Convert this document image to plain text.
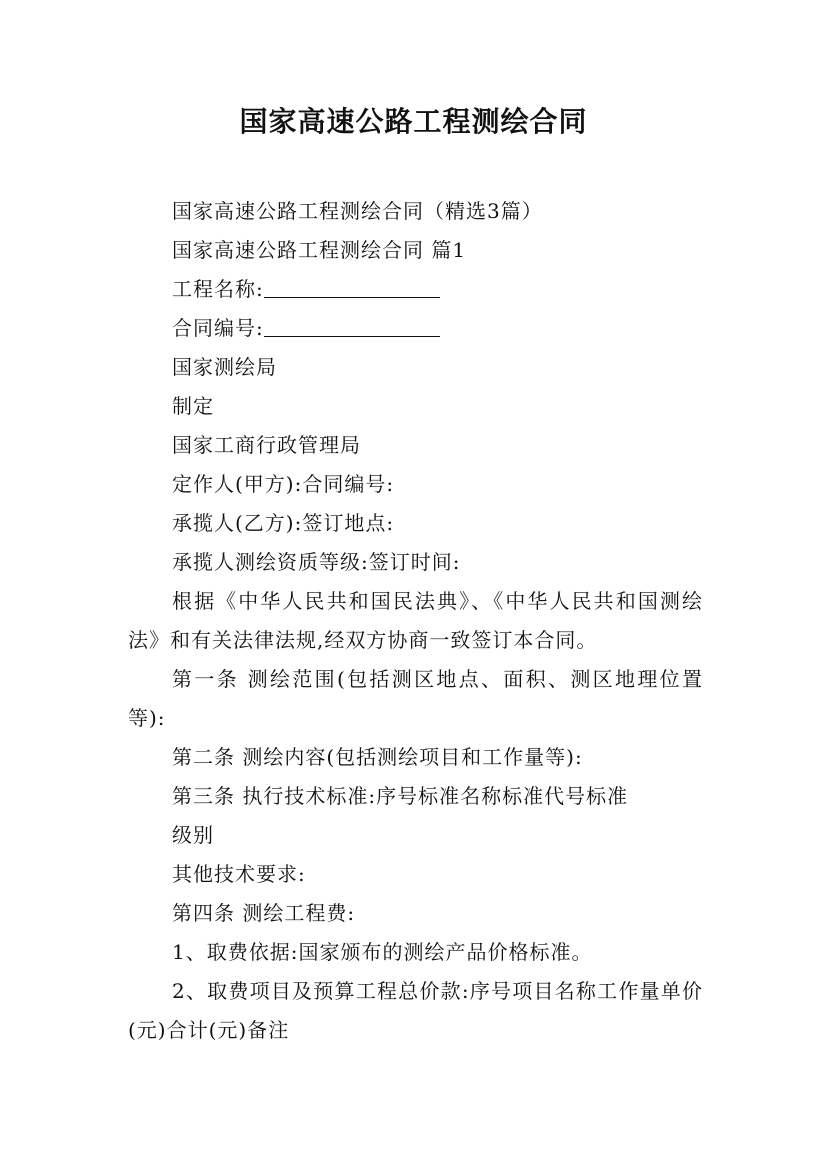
国家高速公路工程测绘合同
国家高速公路工程测绘合同（精选3篇）
国家高速公路工程测绘合同 篇1
工程名称:
合同编号:
国家测绘局
制定
国家工商行政管理局
定作人(甲方):合同编号:
承揽人(乙方):签订地点:
承揽人测绘资质等级:签订时间:
根据《中华人民共和国民法典》、《中华人民共和国测绘法》和有关法律法规,经双方协商一致签订本合同。
第一条 测绘范围(包括测区地点、面积、测区地理位置等):
第二条 测绘内容(包括测绘项目和工作量等):
第三条 执行技术标准:序号标准名称标准代号标准
级别
其他技术要求:
第四条 测绘工程费:
1、取费依据:国家颁布的测绘产品价格标准。
2、取费项目及预算工程总价款:序号项目名称工作量单价(元)合计(元)备注
